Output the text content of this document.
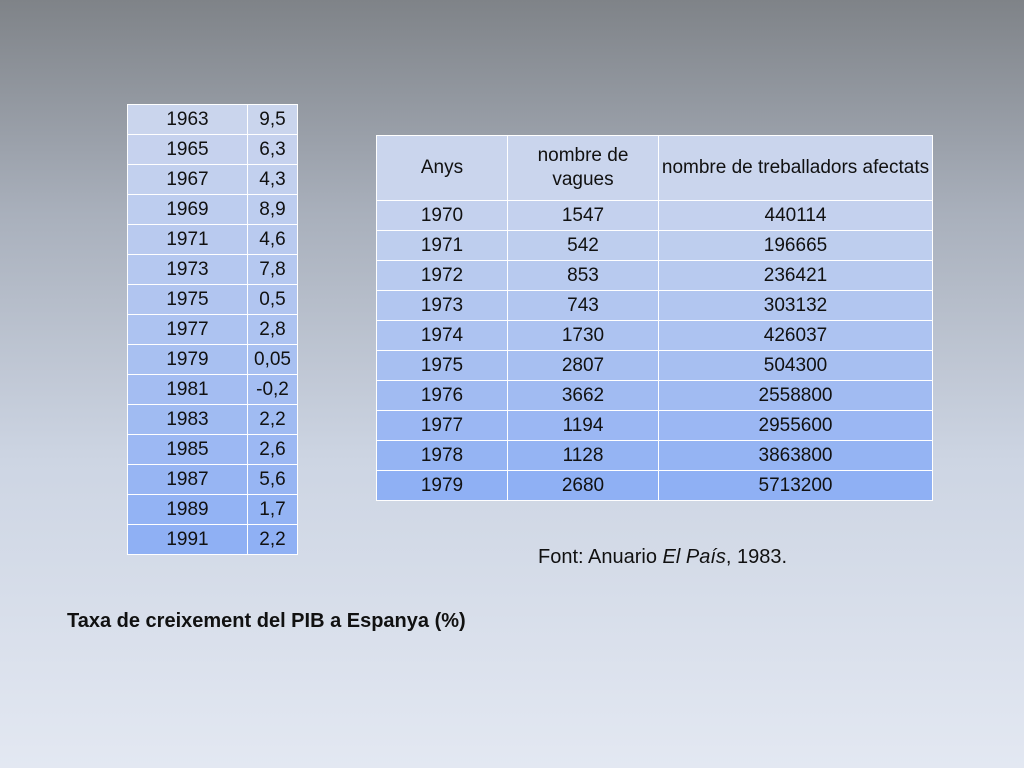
1963	9,5
1965	6,3
1967	4,3
1969	8,9
1971	4,6
1973	7,8
1975	0,5
1977	2,8
1979	0,05
1981	-0,2
1983	2,2
1985	2,6
1987	5,6
1989	1,7
1991	2,2
Anys	nombre de vagues	nombre de treballadors afectats
1970	1547	440114
1971	542	196665
1972	853	236421
1973	743	303132
1974	1730	426037
1975	2807	504300
1976	3662	2558800
1977	1194	2955600
1978	1128	3863800
1979	2680	5713200
Font: Anuario El País, 1983.
Taxa de creixement del PIB a Espanya (%)
